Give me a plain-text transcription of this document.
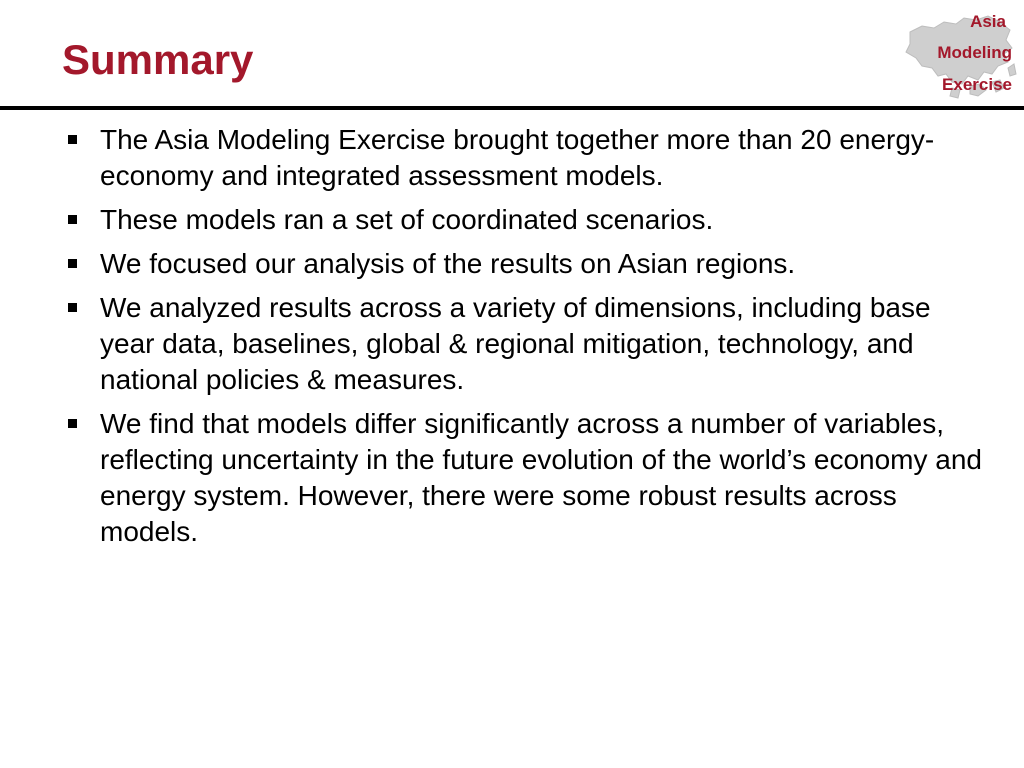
Summary
Asia
Modeling
Exercise
The Asia Modeling Exercise brought together more than 20 energy-economy and integrated assessment models.
These models ran a set of coordinated scenarios.
We focused our analysis of the results on Asian regions.
We analyzed results across a variety of dimensions, including base year data, baselines, global & regional mitigation, technology, and national policies & measures.
We find that models differ significantly across a number of variables, reflecting uncertainty in the future evolution of the world’s economy and energy system. However, there were some robust results across models.
